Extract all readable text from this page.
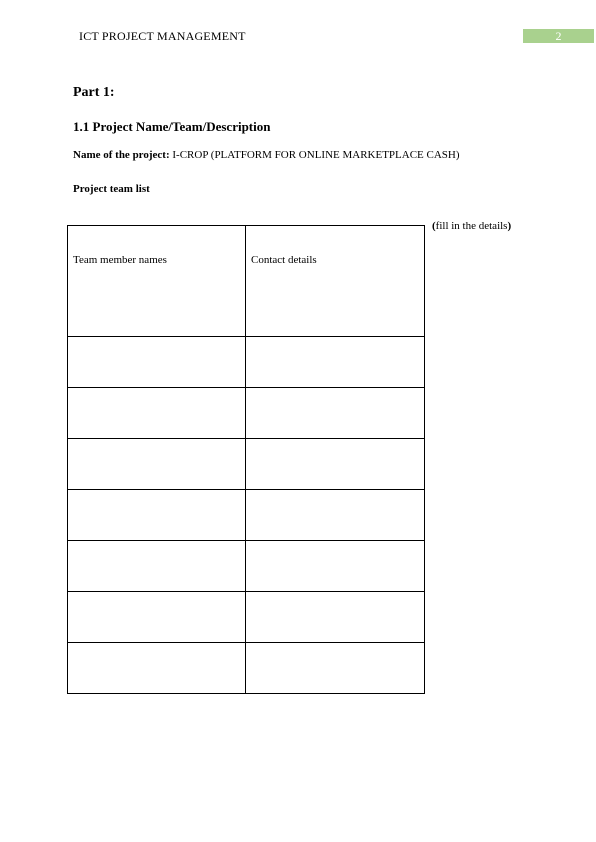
ICT PROJECT MANAGEMENT	2
Part 1:
1.1 Project Name/Team/Description
Name of the project: I-CROP (PLATFORM FOR ONLINE MARKETPLACE CASH)
Project team list
(fill in the details)
Team member names	Contact details
